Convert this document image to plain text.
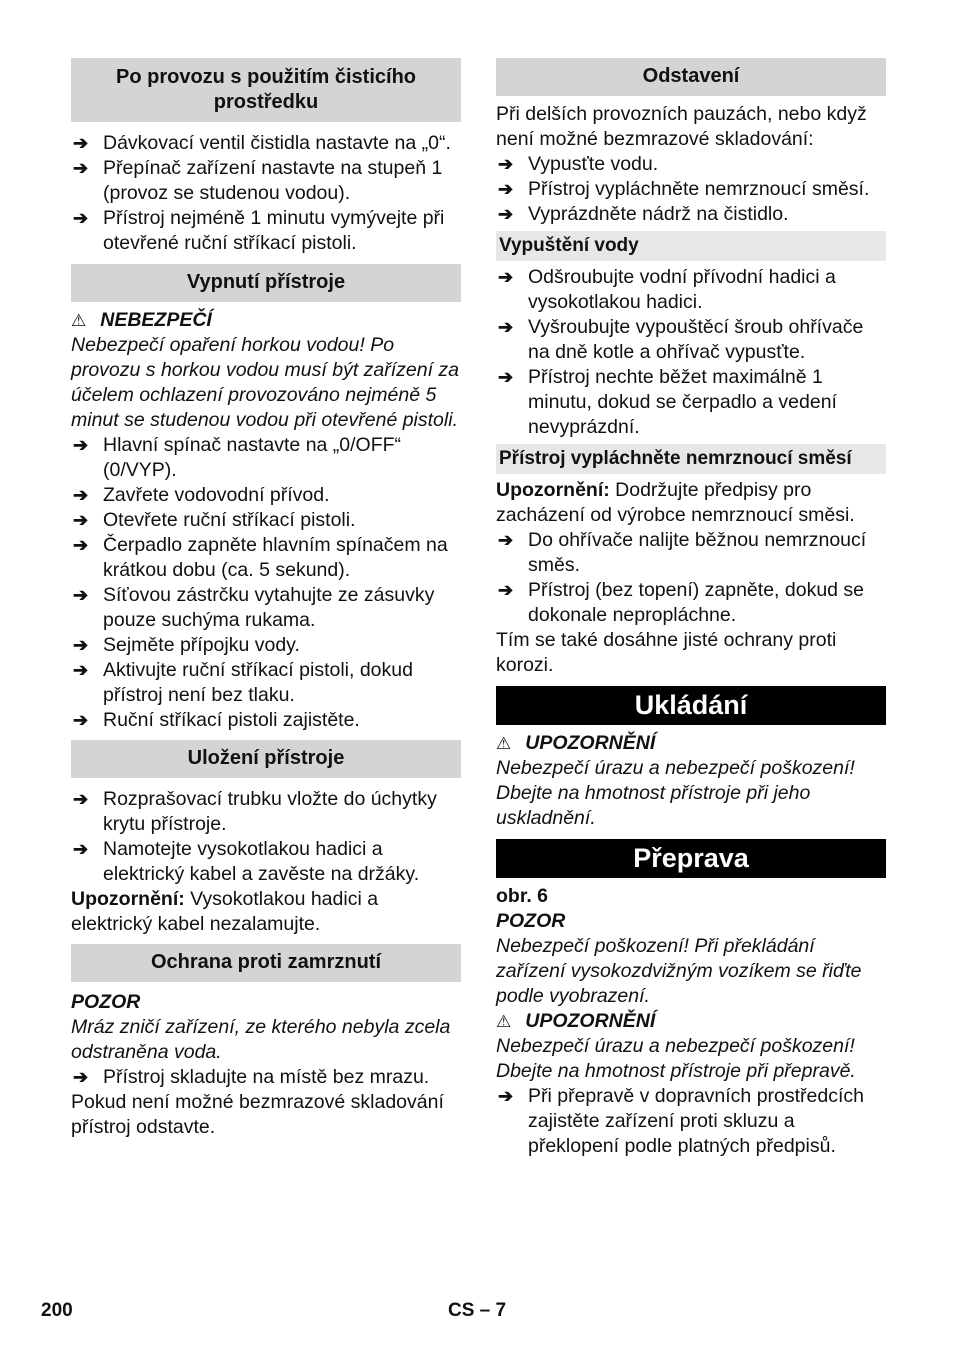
Po provozu s použitím čisticího prostředku
➔ Dávkovací ventil čistidla nastavte na „0“.
➔ Přepínač zařízení nastavte na stupeň 1 (provoz se studenou vodou).
➔ Přístroj nejméně 1 minutu vymývejte při otevřené ruční stříkací pistoli.
Vypnutí přístroje
⚠ NEBEZPEČÍ

Nebezpečí opaření horkou vodou! Po provozu s horkou vodou musí být zařízení za účelem ochlazení provozováno nejméně 5 minut se studenou vodou při otevřené pistoli.

➔ Hlavní spínač nastavte na „0/OFF“ (0/VYP).
➔ Zavřete vodovodní přívod.
➔ Otevřete ruční stříkací pistoli.
➔ Čerpadlo zapněte hlavním spínačem na krátkou dobu (ca. 5 sekund).
➔ Síťovou zástrčku vytahujte ze zásuvky pouze suchýma rukama.
➔ Sejměte přípojku vody.
➔ Aktivujte ruční stříkací pistoli, dokud přístroj není bez tlaku.
➔ Ruční stříkací pistoli zajistěte.
Uložení přístroje
➔ Rozprašovací trubku vložte do úchytky krytu přístroje.
➔ Namotejte vysokotlakou hadici a elektrický kabel a zavěste na držáky.

Upozornění: Vysokotlakou hadici a elektrický kabel nezalamujte.

Ochrana proti zamrznutí
POZOR

Mráz zničí zařízení, ze kterého nebyla zcela odstraněna voda.

➔ Přístroj skladujte na místě bez mrazu.

Pokud není možné bezmrazové skladování přístroj odstavte.

Odstavení

Při delších provozních pauzách, nebo když není možné bezmrazové skladování:

➔ Vypusťte vodu.
➔ Přístroj vypláchněte nemrznoucí směsí.
➔ Vyprázdněte nádrž na čistidlo.
Vypuštění vody
➔ Odšroubujte vodní přívodní hadici a vysokotlakou hadici.
➔ Vyšroubujte vypouštěcí šroub ohřívače na dně kotle a ohřívač vypusťte.
➔ Přístroj nechte běžet maximálně 1 minutu, dokud se čerpadlo a vedení nevyprázdní.
Přístroj vypláchněte nemrznoucí směsí

Upozornění: Dodržujte předpisy pro zacházení od výrobce nemrznoucí směsi.

➔ Do ohřívače nalijte běžnou nemrznoucí směs.
➔ Přístroj (bez topení) zapněte, dokud se dokonale nepropláchne.

Tím se také dosáhne jisté ochrany proti korozi.

Ukládání
⚠ UPOZORNĚNÍ

Nebezpečí úrazu a nebezpečí poškození! Dbejte na hmotnost přístroje při jeho uskladnění.

Přeprava
obr. 6
POZOR

Nebezpečí poškození! Při překládání zařízení vysokozdvižným vozíkem se řiďte podle vyobrazení.

⚠ UPOZORNĚNÍ

Nebezpečí úrazu a nebezpečí poškození! Dbejte na hmotnost přístroje při přepravě.

➔ Při přepravě v dopravních prostředcích zajistěte zařízení proti skluzu a překlopení podle platných předpisů.
200	CS – 7
